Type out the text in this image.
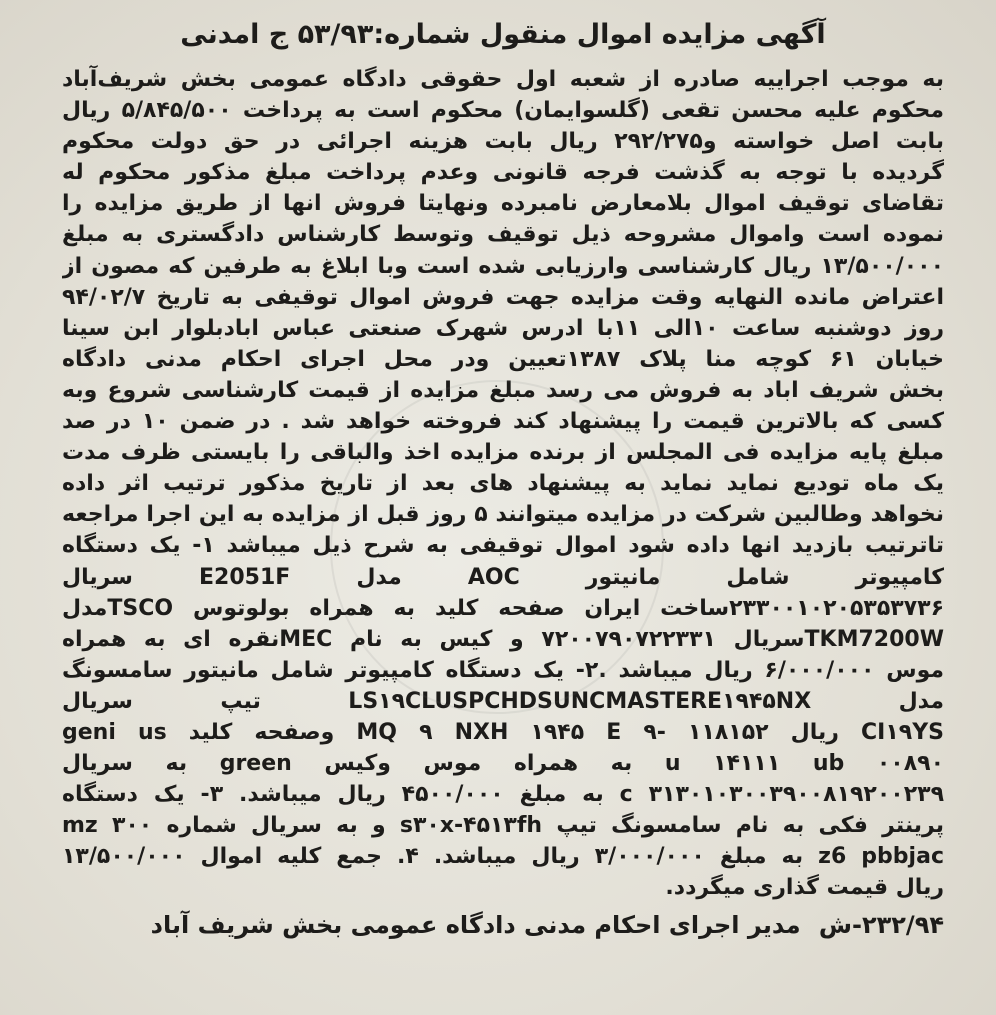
آگهی مزایده اموال منقول شماره:۵۳/۹۳ ج امدنی
به موجب اجراییه صادره از شعبه اول حقوقی دادگاه عمومی بخش شریف‌آباد
محکوم علیه محسن تقعی (گلسوایمان) محکوم است به پرداخت ۵/۸۴۵/۵۰۰ ریال
بابت اصل خواسته و۲۹۲/۲۷۵ ریال بابت هزینه اجرائی در حق دولت محکوم
گردیده با توجه به گذشت فرجه قانونی وعدم پرداخت مبلغ مذکور محکوم له
تقاضای توقیف اموال بلامعارض نامبرده ونهایتا فروش انها از طریق مزایده را
نموده است واموال مشروحه ذیل توقیف وتوسط کارشناس دادگستری به مبلغ
۱۳/۵۰۰/۰۰۰ ریال کارشناسی وارزیابی شده است وبا ابلاغ به طرفین که مصون از
اعتراض مانده النهایه وقت مزایده جهت فروش اموال توقیفی به تاریخ ۹۴/۰۲/۷
روز دوشنبه ساعت ۱۰الی ۱۱با ادرس شهرک صنعتی عباس ابادبلوار ابن سینا
خیابان ۶۱ کوچه منا پلاک ۱۳۸۷تعیین ودر محل اجرای احکام مدنی دادگاه
بخش شریف اباد به فروش می رسد مبلغ مزایده از قیمت کارشناسی شروع وبه
کسی که بالاترین قیمت را پیشنهاد کند فروخته خواهد شد . در ضمن ۱۰ در صد
مبلغ پایه مزایده فی المجلس از برنده مزایده اخذ والباقی را بایستی ظرف مدت
یک ماه تودیع نماید نماید به پیشنهاد های بعد از تاریخ مذکور ترتیب اثر داده
نخواهد وطالبین شرکت در مزایده میتوانند ۵ روز قبل از مزایده به این اجرا مراجعه
تاترتیب بازدید انها داده شود اموال توقیفی به شرح ذیل میباشد ۱- یک دستگاه
کامپیوتر شامل مانیتور AOC مدل E2051F سریال
۲۳۳۰۰۱۰۲۰۵۳۵۳۷۳۶ساخت ایران صفحه کلید به همراه بولوتوس TSCOمدل
TKM7200Wسریال ۷۲۰۰۷۹۰۷۲۲۳۳۱ و کیس به نام MECنقره ای به همراه
موس ۶/۰۰۰/۰۰۰ ریال میباشد .۲- یک دستگاه کامپیوتر شامل مانیتور سامسونگ
مدل LS۱۹CLUSPCHDSUNCMASTERE۱۹۴۵NX تیپ سریال
CI۱۹YS ریال ۱۱۸۱۵۲ -۹ MQ ۹ NXH ۱۹۴۵ E وصفحه کلید geni us
۰۰۸۹۰ u ۱۴۱۱۱ ub به همراه موس وکیس green به سریال
c ۳۱۳۰۱۰۳۰۰۳۹۰۰۸۱۹۲۰۰۲۳۹ به مبلغ ۴۵۰۰/۰۰۰ ریال میباشد. ۳- یک دستگاه
پرینتر فکی به نام سامسونگ تیپ s۳۰x-۴۵۱۳fh و به سریال شماره mz ۳۰۰
z6 pbbjac به مبلغ ۳/۰۰۰/۰۰۰ ریال میباشد. ۴. جمع کلیه اموال ۱۳/۵۰۰/۰۰۰
ریال قیمت گذاری میگردد.
۲۳۲/۹۴-ش مدیر اجرای احکام مدنی دادگاه عمومی بخش شریف آباد
